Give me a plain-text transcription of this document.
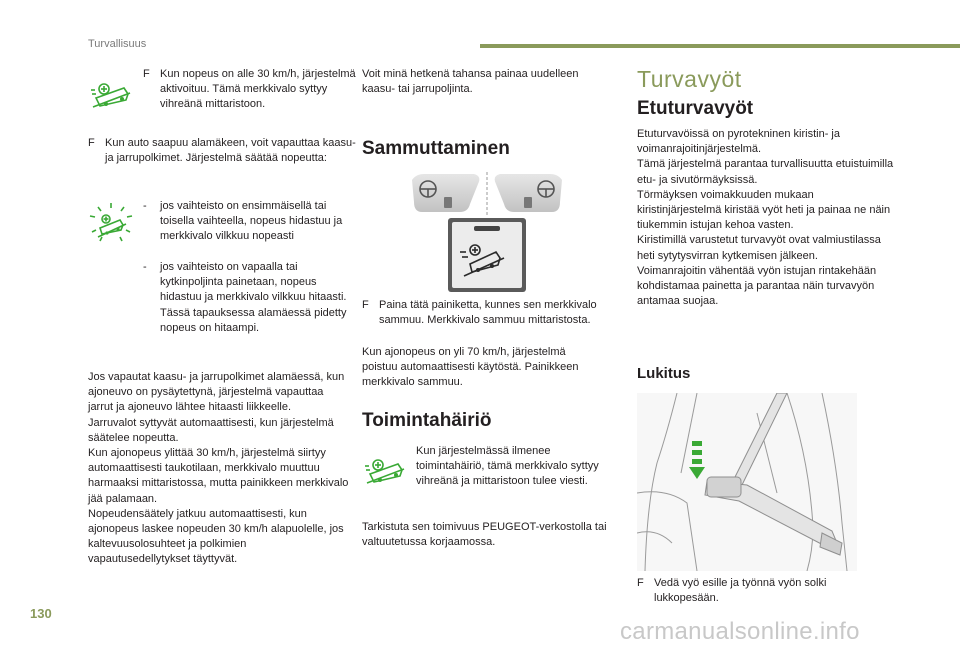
Turvallisuus
F Kun nopeus on alle 30 km/h, järjestelmä aktivoituu. Tämä merkkivalo syttyy vihreänä mittaristoon.
F Kun auto saapuu alamäkeen, voit vapauttaa kaasu- ja jarrupolkimet. Järjestelmä säätää nopeutta:
- jos vaihteisto on ensimmäisellä tai toisella vaihteella, nopeus hidastuu ja merkkivalo vilkkuu nopeasti
- jos vaihteisto on vapaalla tai kytkinpoljinta painetaan, nopeus hidastuu ja merkkivalo vilkkuu hitaasti. Tässä tapauksessa alamäessä pidetty nopeus on hitaampi.

Jos vapautat kaasu- ja jarrupolkimet alamäessä, kun ajoneuvo on pysäytettynä, järjestelmä vapauttaa jarrut ja ajoneuvo lähtee hitaasti liikkeelle.

Jarruvalot syttyvät automaattisesti, kun järjestelmä säätelee nopeutta.

Kun ajonopeus ylittää 30 km/h, järjestelmä siirtyy automaattisesti taukotilaan, merkkivalo muuttuu harmaaksi mittaristossa, mutta painikkeen merkkivalo jää palamaan.

Nopeudensäätely jatkuu automaattisesti, kun ajonopeus laskee nopeuden 30 km/h alapuolelle, jos kaltevuusolosuhteet ja polkimien vapautusedellytykset täyttyvät.

Voit minä hetkenä tahansa painaa uudelleen kaasu- tai jarrupoljinta.

Sammuttaminen
F Paina tätä painiketta, kunnes sen merkkivalo sammuu. Merkkivalo sammuu mittaristosta.

Kun ajonopeus on yli 70 km/h, järjestelmä poistuu automaattisesti käytöstä. Painikkeen merkkivalo sammuu.

Toimintahäiriö

Kun järjestelmässä ilmenee toimintahäiriö, tämä merkkivalo syttyy vihreänä ja mittaristoon tulee viesti.

Tarkistuta sen toimivuus PEUGEOT-verkostolla tai valtuutetussa korjaamossa.

Turvavyöt
Etuturvavyöt

Etuturvavöissä on pyrotekninen kiristin- ja voimanrajoitinjärjestelmä.

Tämä järjestelmä parantaa turvallisuutta etuistuimilla etu- ja sivutörmäyksissä.

Törmäyksen voimakkuuden mukaan kiristinjärjestelmä kiristää vyöt heti ja painaa ne näin tiukemmin istujan kehoa vasten.

Kiristimillä varustetut turvavyöt ovat valmiustilassa heti sytytysvirran kytkemisen jälkeen.

Voimanrajoitin vähentää vyön istujan rintakehään kohdistamaa painetta ja parantaa näin turvavyön antamaa suojaa.

Lukitus
F Vedä vyö esille ja työnnä vyön solki lukkopesään.
130
carmanualsonline.info
